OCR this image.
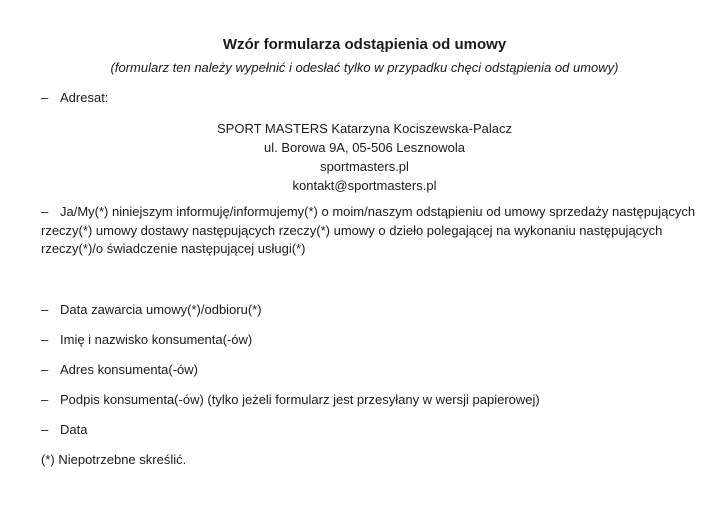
Wzór formularza odstąpienia od umowy
(formularz ten należy wypełnić i odesłać tylko w przypadku chęci odstąpienia od umowy)
– Adresat:
SPORT MASTERS Katarzyna Kociszewska-Palacz
ul. Borowa 9A, 05-506 Lesznowola
sportmasters.pl
kontakt@sportmasters.pl
– Ja/My(*) niniejszym informuję/informujemy(*) o moim/naszym odstąpieniu od umowy sprzedaży następujących
rzeczy(*) umowy dostawy następujących rzeczy(*) umowy o dzieło polegającej na wykonaniu następujących
rzeczy(*)/o świadczenie następującej usługi(*)
– Data zawarcia umowy(*)/odbioru(*)
– Imię i nazwisko konsumenta(-ów)
– Adres konsumenta(-ów)
– Podpis konsumenta(-ów) (tylko jeżeli formularz jest przesyłany w wersji papierowej)
– Data
(*) Niepotrzebne skreślić.
